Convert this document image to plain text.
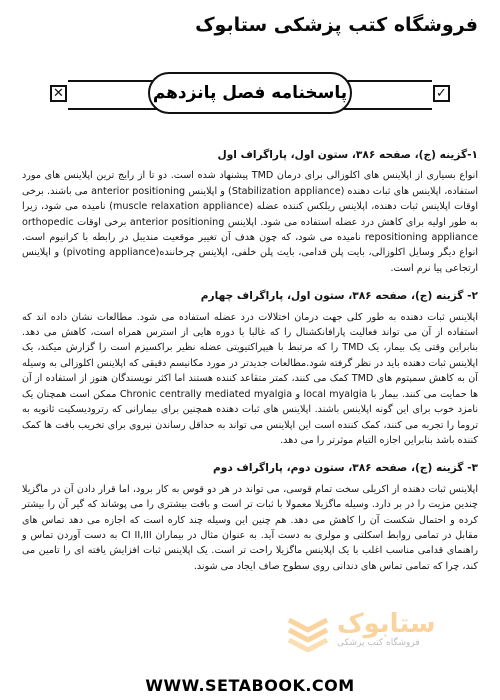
فروشگاه کتب پزشکی ستابوک
✕	✓
پاسخنامه فصل پانزدهم
۱-گزینه (ج)، صفحه ۳۸۶، ستون اول، پاراگراف اول

انواع بسیاری از اپلاینس های اکلوزالی برای درمان TMD پیشنهاد شده است. دو تا از رایج ترین اپلاینس های مورد استفاده، اپلاینس های ثبات دهنده (Stabilization appliance) و اپلاینس anterior positioning می باشند. برخی اوقات اپلاینس ثبات دهنده، اپلاینس ریلکس کننده عضله (muscle relaxation appliance) نامیده می شود، زیرا به طور اولیه برای کاهش درد عضله استفاده می شود. اپلاینس anterior positioning برخی اوقات orthopedic repositioning appliance نامیده می شود، که چون هدف آن تغییر موقعیت مندیبل در رابطه با کرانیوم است. انواع دیگر وسایل اکلوزالی، بایت پلن قدامی، بایت پلن خلفی، اپلاینس چرخاننده(pivoting appliance) و اپلاینس ارتجاعی پیا نرم است.

۲- گزینه (ج)، صفحه ۳۸۶، ستون اول، پاراگراف چهارم

اپلاینس ثبات دهنده به طور کلی جهت درمان اختلالات درد عضله استفاده می شود. مطالعات نشان داده اند که استفاده از آن می تواند فعالیت پارافانکشنال را که غالبا با دوره هایی از استرس همراه است، کاهش می دهد. بنابراین وقتی یک بیمار، یک TMD را که مرتبط با هیپراکتیویتی عضله نظیر براکسیزم است را گزارش میکند، یک اپلاینس ثبات دهنده باید در نظر گرفته شود.مطالعات جدیدتر در مورد مکانیسم دقیقی که اپلاینس اکلوزالی به وسیله آن به کاهش سمپتوم های TMD کمک می کنند، کمتر متقاعد کننده هستند اما اکثر نویسندگان هنوز از استفاده از آن ها حمایت می کنند. بیمار با local myalgia و Chronic centrally mediated myalgia ممکن است همچنان یک نامزد خوب برای این گونه اپلاینس باشند. اپلاینس های ثبات دهنده همچنین برای بیمارانی که رترودیسکیت ثانویه به تروما را تجربه می کنند، کمک کننده است این اپلاینس می تواند به حداقل رساندن نیروی برای تخریب بافت ها کمک کننده باشد بنابراین اجازه التیام موثرتر را می دهد.

۳- گزینه (ج)، صفحه ۳۸۶، ستون دوم، پاراگراف دوم

اپلاینس ثبات دهنده از اکریلی سخت تمام قوسی، می تواند در هر دو قوس به کار برود، اما قرار دادن آن در ماگزیلا چندین مزیت را در بر دارد. وسیله ماگزیلا معمولا با ثبات تر است و بافت بیشتری را می پوشاند که گیر آن را بیشتر کرده و احتمال شکست آن را کاهش می دهد. هم چنین این وسیله چند کاره است که اجازه می دهد تماس های مقابل در تمامی روابط اسکلتی و مولری به دست آید. به عنوان مثال در بیماران CI II,III به دست آوردن تماس و راهنمای قدامی مناسب اغلب با یک اپلاینس ماگزیلا راحت تر است. یک اپلاینس ثبات افزایش یافته ای را تامین می کند، چرا که تمامی تماس های دندانی روی سطوح صاف ایجاد می شوند.

ستابوک
فروشگاه کتب پزشکی
WWW.SETABOOK.COM
